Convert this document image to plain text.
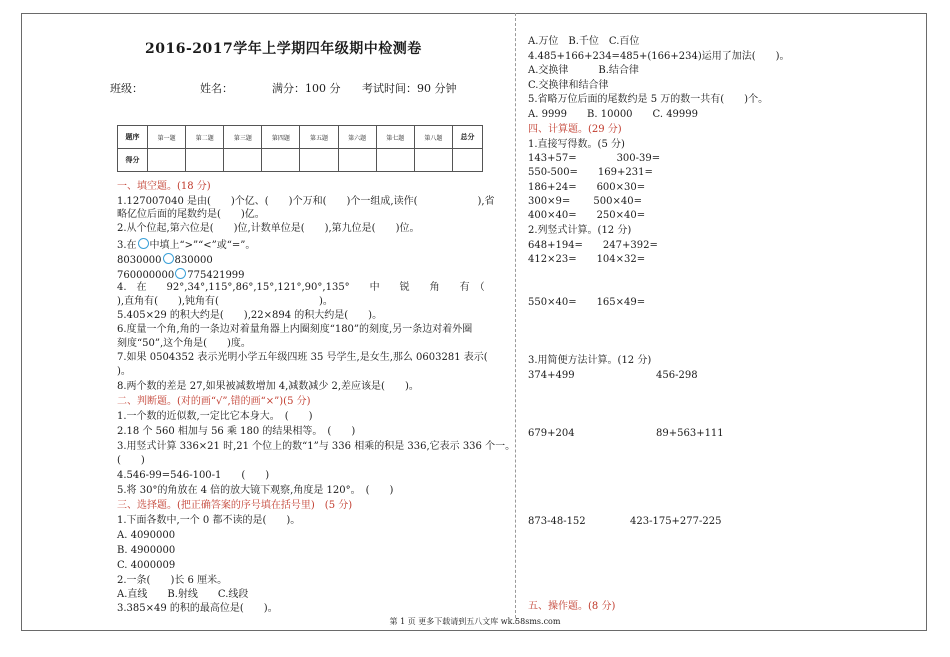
2016-2017学年上学期四年级期中检测卷
班级：	姓名：	满分：100 分 考试时间：90 分钟
题序	第一题	第二题	第三题	第四题	第五题	第六题	第七题	第八题	总分
得分									
一、填空题。(18 分)
1.127007040 是由(　　)个亿、(　　)个万和(　　)个一组成,读作(　　　　　　),省
略亿位后面的尾数约是(　　)亿。
2.从个位起,第六位是(　　)位,计数单位是(　　),第九位是(　　)位。
3.在 中填上“>”“<”或“=”。
8030000 830000
760000000 775421999
4.　在　　92°,34°,115°,86°,15°,121°,90°,135°　　中　　锐　　角　　有　（
),直角有(　　),钝角有(　　　　　　　　　　)。
5.405×29 的积大约是(　　),22×894 的积大约是(　　)。
6.度量一个角,角的一条边对着量角器上内圈刻度“180”的刻度,另一条边对着外圈
刻度“50”,这个角是(　　)度。
7.如果 0504352 表示光明小学五年级四班 35 号学生,是女生,那么 0603281 表示(
)。
8.两个数的差是 27,如果被减数增加 4,减数减少 2,差应该是(　　)。
二、判断题。(对的画“√”,错的画“×”)(5 分)
1.一个数的近似数,一定比它本身大。　(　　)
2.18 个 560 相加与 56 乘 180 的结果相等。　(　　)
3.用竖式计算 336×21 时,21 个位上的数“1”与 336 相乘的积是 336,它表示 336 个一。
(　　)
4.546-99=546-100-1　　(　　)
5.将 30°的角放在 4 倍的放大镜下观察,角度是 120°。　(　　)
三、选择题。(把正确答案的序号填在括号里)　(5 分)
1.下面各数中,一个 0 都不读的是(　　)。
A. 4090000
B. 4900000
C. 4000009
2.一条(　　)长 6 厘米。
A.直线　　B.射线　　C.线段
3.385×49 的积的最高位是(　　)。
A.万位　B.千位　C.百位
4.485+166+234=485+(166+234)运用了加法(　　)。
A.交换律　　　B.结合律
C.交换律和结合律
5.省略万位后面的尾数约是 5 万的数一共有(　　)个。
A. 9999　　B. 10000　　C. 49999
四、计算题。(29 分)
1.直接写得数。(5 分)
143+57=　　　　300-39=
550-500=　　169+231=
186+24=　　600×30=
300×9=　　 500×40=
400×40=　　250×40=
2.列竖式计算。(12 分)
648+194=　　247+392=
412×23=　　104×32=
550×40=　　165×49=
3.用简便方法计算。(12 分)
374+499	456-298
679+204	89+563+111
873-48-152	423-175+277-225
五、操作题。(8 分)
第 1 页 更多下载请到五八文库 wk.58sms.com
